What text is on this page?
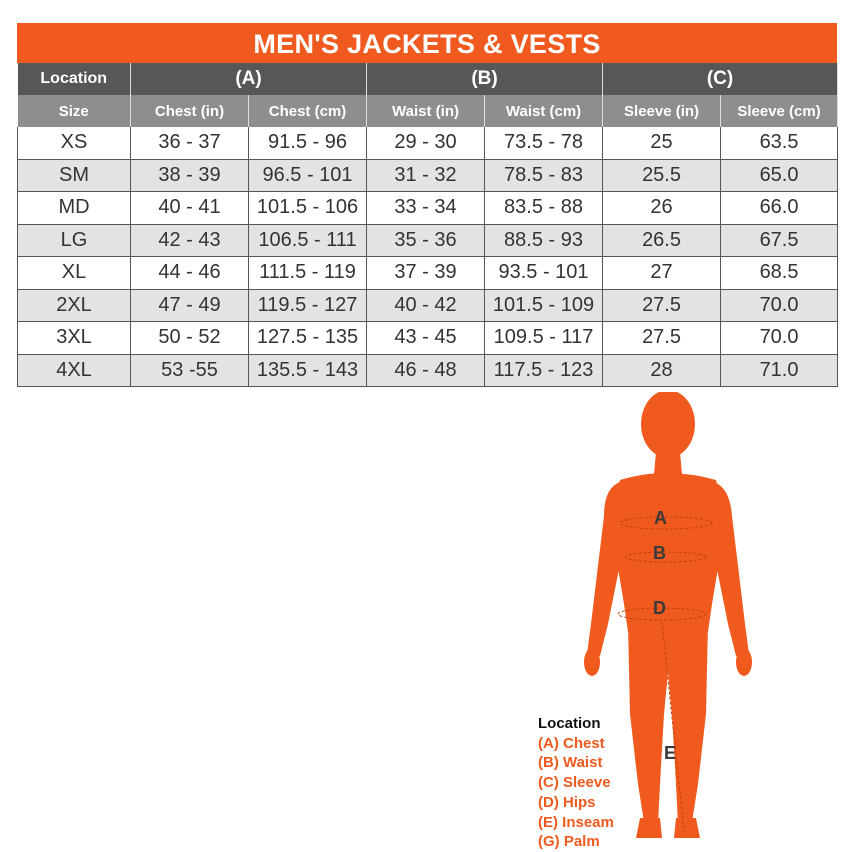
MEN'S JACKETS & VESTS
Location	(A)		(B)		(C)	
Size	Chest (in)	Chest (cm)	Waist (in)	Waist (cm)	Sleeve (in)	Sleeve (cm)
XS	36 - 37	91.5 - 96	29 - 30	73.5 - 78	25	63.5
SM	38 - 39	96.5 - 101	31 - 32	78.5 - 83	25.5	65.0
MD	40 - 41	101.5 - 106	33 - 34	83.5 - 88	26	66.0
LG	42 - 43	106.5 - 111	35 - 36	88.5 - 93	26.5	67.5
XL	44 - 46	111.5 - 119	37 - 39	93.5 - 101	27	68.5
2XL	47 - 49	119.5 - 127	40 - 42	101.5 - 109	27.5	70.0
3XL	50 - 52	127.5 - 135	43 - 45	109.5 - 117	27.5	70.0
4XL	53 -55	135.5 - 143	46 - 48	117.5 - 123	28	71.0
A
B
D
E
Location
(A) Chest
(B) Waist
(C) Sleeve
(D) Hips
(E) Inseam
(G) Palm
